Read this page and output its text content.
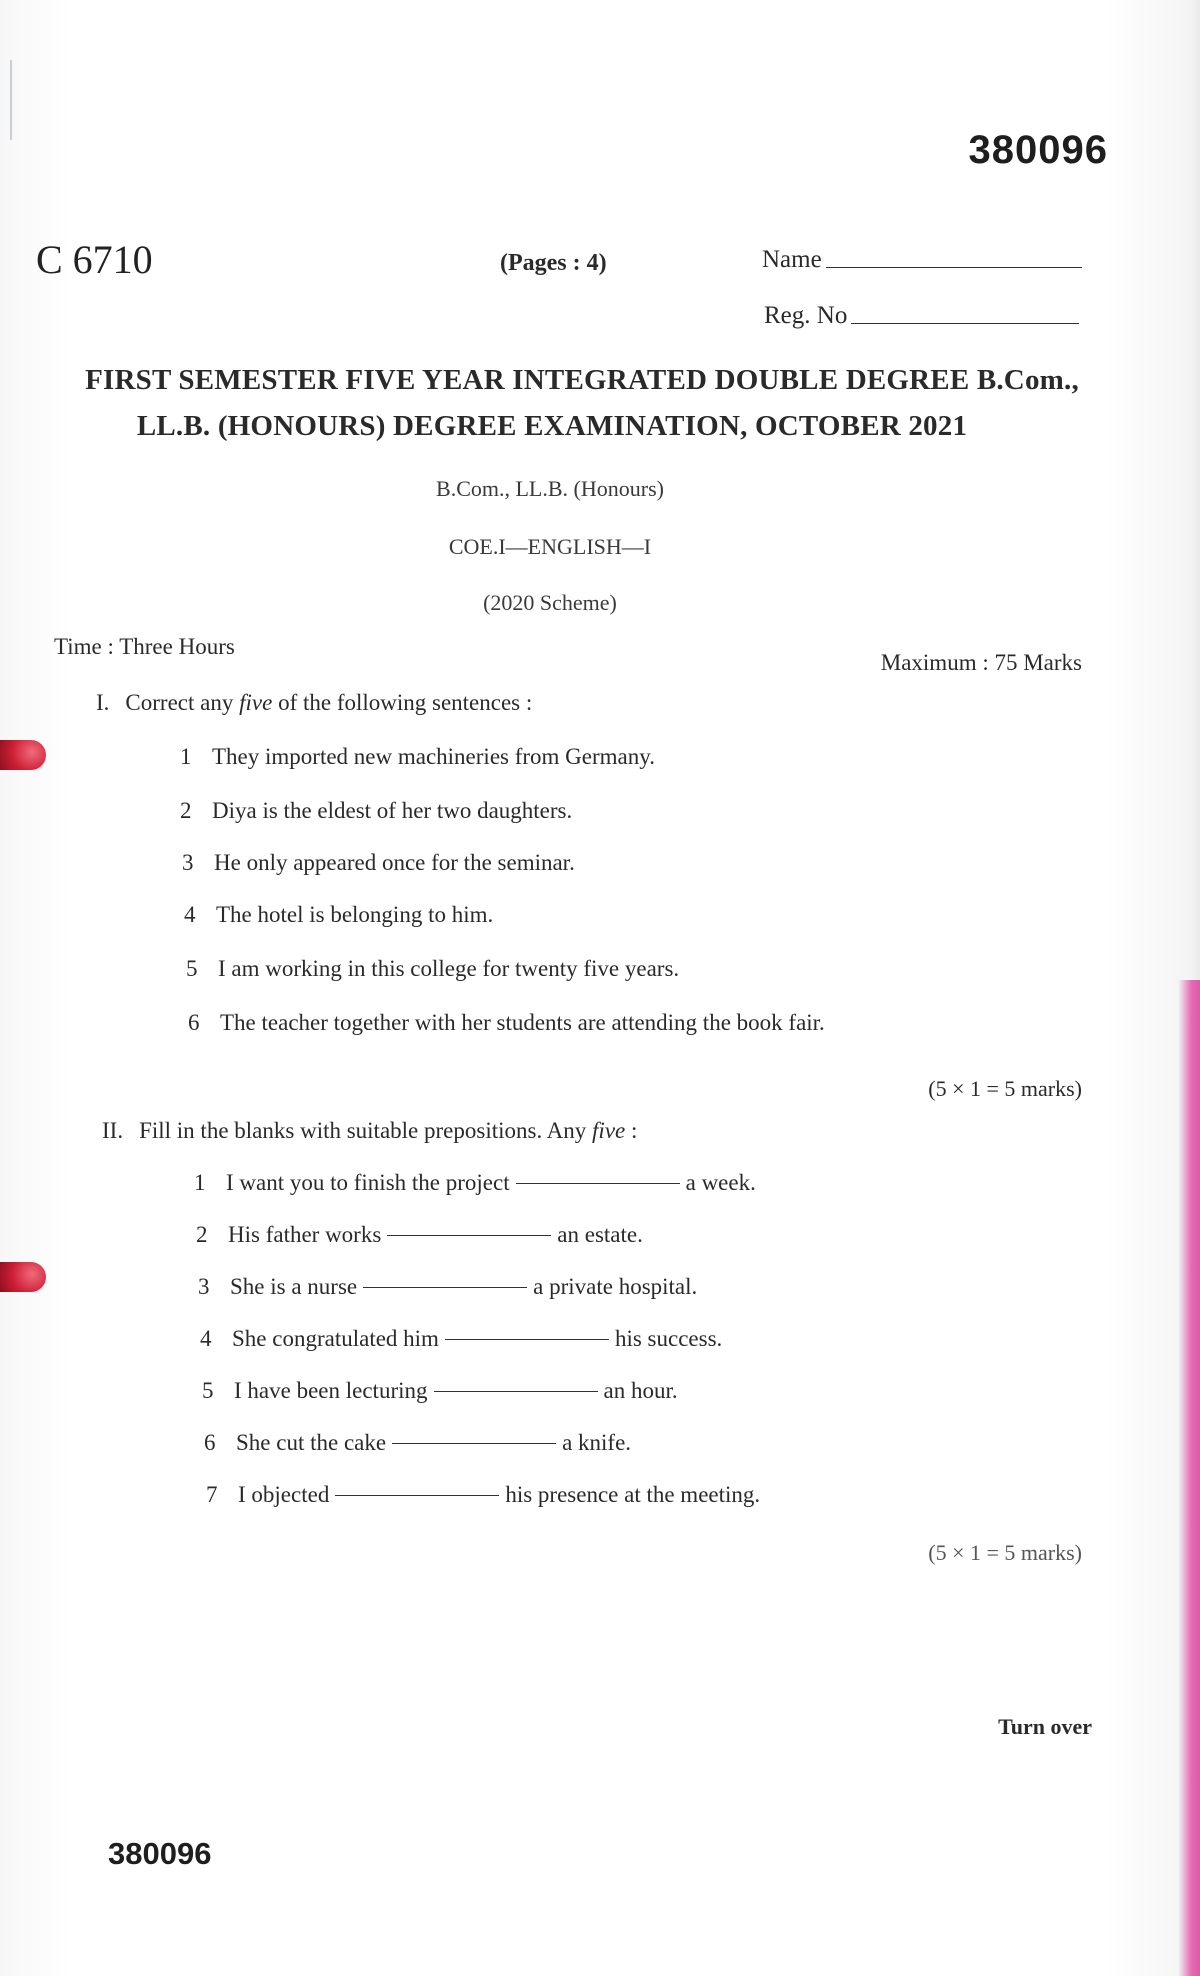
380096
C 6710	(Pages : 4)	Name
Reg. No
FIRST SEMESTER FIVE YEAR INTEGRATED DOUBLE DEGREE B.Com.,
LL.B. (HONOURS) DEGREE EXAMINATION, OCTOBER 2021
B.Com., LL.B. (Honours)
COE.I—ENGLISH—I
(2020 Scheme)
Time : Three Hours
Maximum : 75 Marks
I. Correct any five of the following sentences :
1 They imported new machineries from Germany.
2 Diya is the eldest of her two daughters.
3 He only appeared once for the seminar.
4 The hotel is belonging to him.
5 I am working in this college for twenty five years.
6 The teacher together with her students are attending the book fair.
(5 × 1 = 5 marks)
II. Fill in the blanks with suitable prepositions. Any five :
1 I want you to finish the project	a week.
2 His father works	an estate.
3 She is a nurse	a private hospital.
4 She congratulated him	his success.
5 I have been lecturing	an hour.
6 She cut the cake	a knife.
7 I objected	his presence at the meeting.
(5 × 1 = 5 marks)
Turn over
380096
